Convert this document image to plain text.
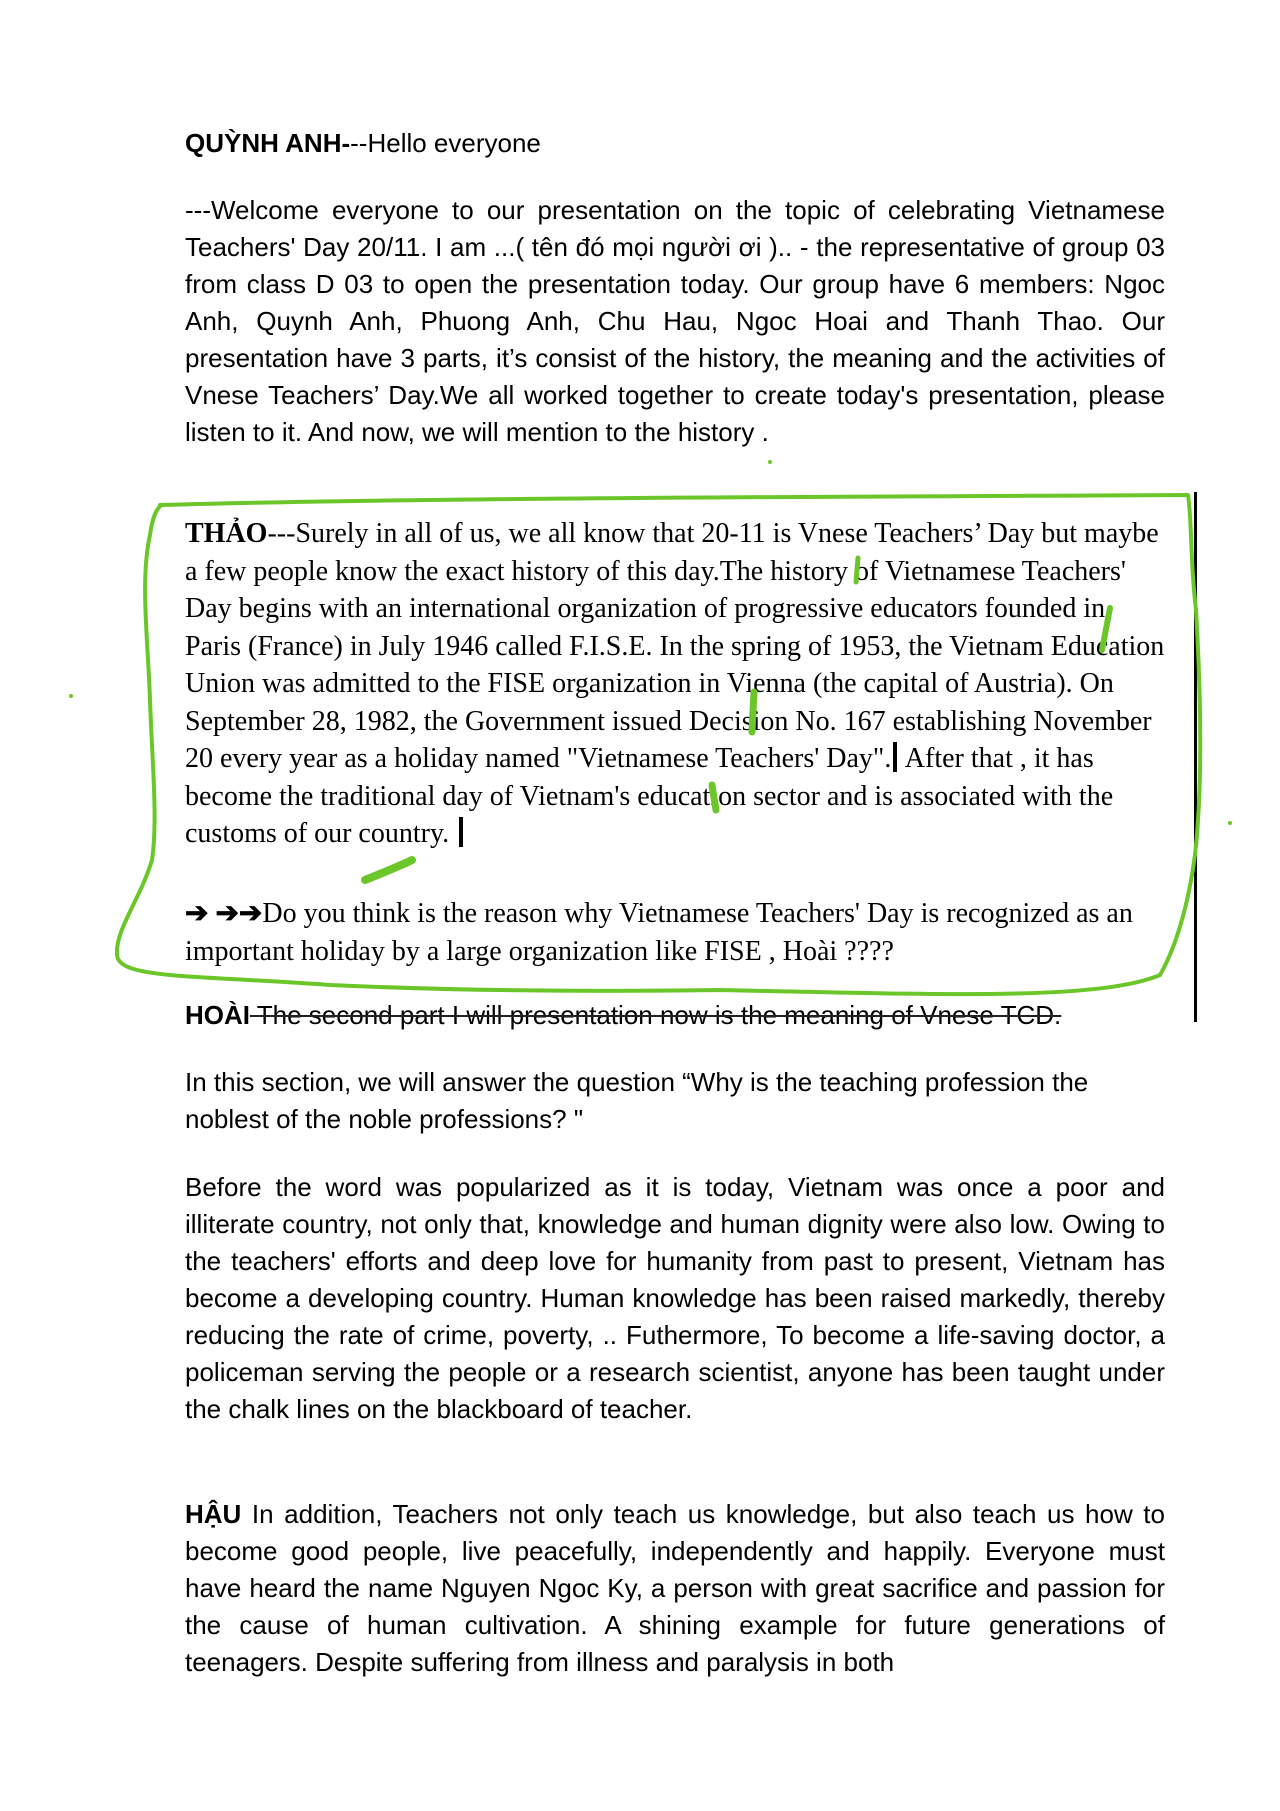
QUỲNH ANH---Hello everyone

---Welcome everyone to our presentation on the topic of celebrating Vietnamese Teachers' Day 20/11. I am ...( tên đó mọi người ơi ).. - the representative of group 03 from class D 03 to open the presentation today. Our group have 6 members: Ngoc Anh, Quynh Anh, Phuong Anh, Chu Hau, Ngoc Hoai and Thanh Thao. Our presentation have 3 parts, it’s consist of the history, the meaning and the activities of Vnese Teachers’ Day.We all worked together to create today's presentation, please listen to it. And now, we will mention to the history .

THẢO---Surely in all of us, we all know that 20-11 is Vnese Teachers’ Day but maybe a few people know the exact history of this day.The history of Vietnamese Teachers' Day begins with an international organization of progressive educators founded in Paris (France) in July 1946 called F.I.S.E. In the spring of 1953, the Vietnam Education Union was admitted to the FISE organization in Vienna (the capital of Austria). On September 28, 1982, the Government issued Decision No. 167 establishing November 20 every year as a holiday named "Vietnamese Teachers' Day". After that , it has become the traditional day of Vietnam's education sector and is associated with the customs of our country.

➔ ➔➔Do you think is the reason why Vietnamese Teachers' Day is recognized as an important holiday by a large organization like FISE , Hoài ????

HOÀI The second part I will presentation now is the meaning of Vnese TCD.

In this section, we will answer the question “Why is the teaching profession the noblest of the noble professions? "

Before the word was popularized as it is today, Vietnam was once a poor and illiterate country, not only that, knowledge and human dignity were also low. Owing to the teachers' efforts and deep love for humanity from past to present, Vietnam has become a developing country. Human knowledge has been raised markedly, thereby reducing the rate of crime, poverty, .. Futhermore, To become a life-saving doctor, a policeman serving the people or a research scientist, anyone has been taught under the chalk lines on the blackboard of teacher.

HẬU In addition, Teachers not only teach us knowledge, but also teach us how to become good people, live peacefully, independently and happily. Everyone must have heard the name Nguyen Ngoc Ky, a person with great sacrifice and passion for the cause of human cultivation. A shining example for future generations of teenagers. Despite suffering from illness and paralysis in both
